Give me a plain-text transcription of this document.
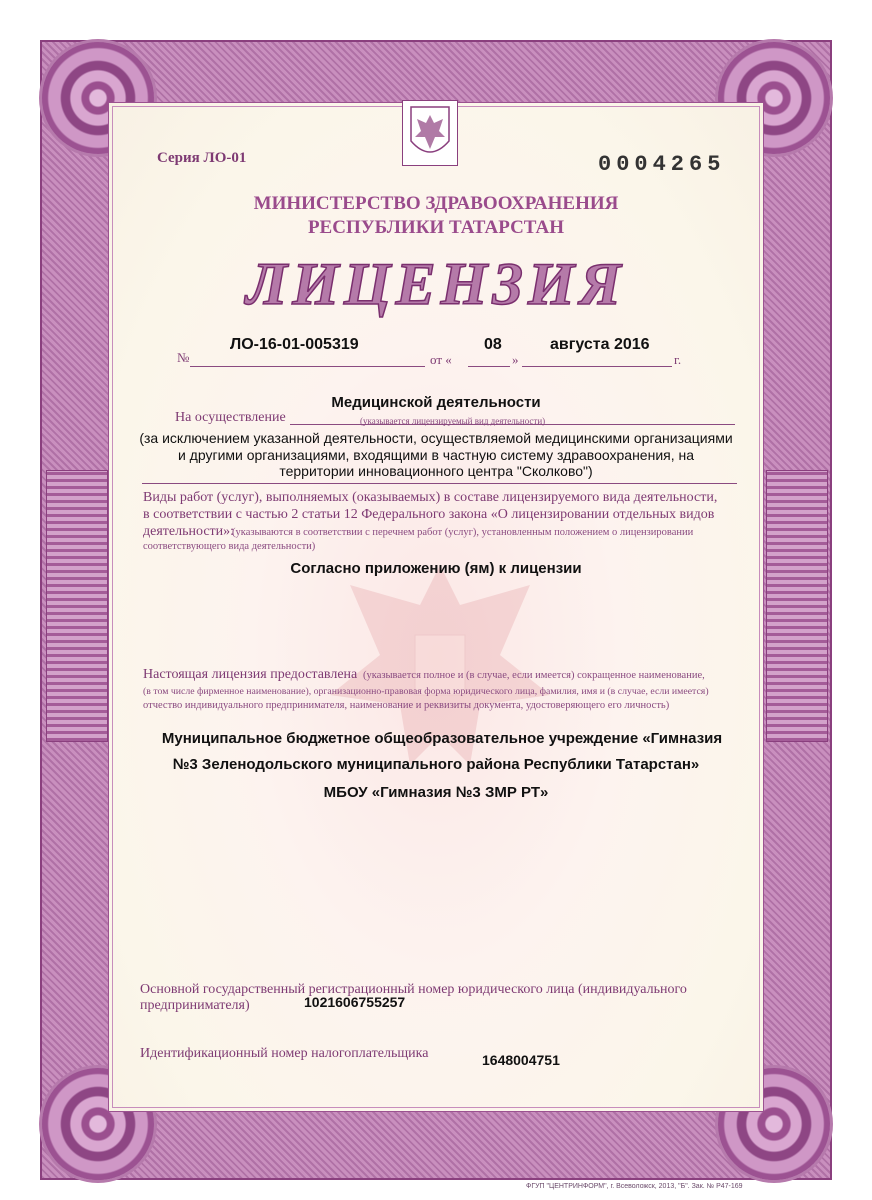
Серия ЛО-01	0004265
МИНИСТЕРСТВО ЗДРАВООХРАНЕНИЯ
РЕСПУБЛИКИ ТАТАРСТАН
ЛИЦЕНЗИЯ
№
ЛО-16-01-005319
от «
08
»
августа 2016
г.
Медицинской деятельности
На осуществление	(указывается лицензируемый вид деятельности)
(за исключением указанной деятельности, осуществляемой медицинскими организациями
и другими организациями, входящими в частную систему здравоохранения, на
территории инновационного центра "Сколково")
Виды работ (услуг), выполняемых (оказываемых) в составе лицензируемого вида деятельности,
в соответствии с частью 2 статьи 12 Федерального закона «О лицензировании отдельных видов
деятельности»:
(указываются в соответствии с перечнем работ (услуг), установленным положением о лицензировании
соответствующего вида деятельности)
Согласно приложению (ям) к лицензии
Настоящая лицензия предоставлена (указывается полное и (в случае, если имеется) сокращенное наименование,
(в том числе фирменное наименование), организационно-правовая форма юридического лица, фамилия, имя и (в случае, если имеется)
отчество индивидуального предпринимателя, наименование и реквизиты документа, удостоверяющего его личность)
Муниципальное бюджетное общеобразовательное учреждение «Гимназия
№3 Зеленодольского муниципального района Республики Татарстан»
МБОУ «Гимназия №3 ЗМР РТ»
Основной государственный регистрационный номер юридического лица (индивидуального
предпринимателя)	1021606755257
Идентификационный номер налогоплательщика	1648004751
ФГУП "ЦЕНТРИНФОРМ", г. Всеволожск, 2013, "Б". Зак. № Р47-169
